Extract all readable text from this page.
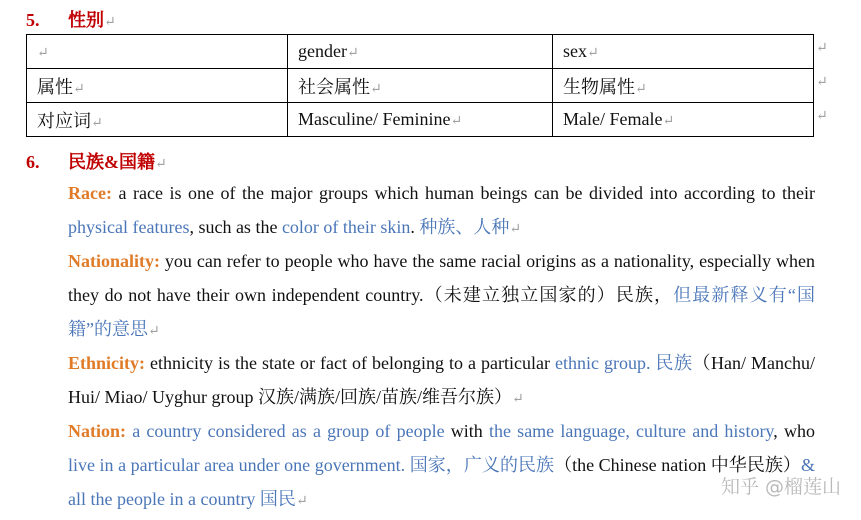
5. 性别↵
↵	gender↵	sex↵
属性↵	社会属性↵	生物属性↵
对应词↵	Masculine/ Feminine↵	Male/ Female↵
↵
↵
↵
6. 民族&国籍↵
Race: a race is one of the major groups which human beings can be divided into according to their physical features, such as the color of their skin. 种族、人种↵
Nationality: you can refer to people who have the same racial origins as a nationality, especially when they do not have their own independent country.（未建立独立国家的）民族，但最新释义有“国籍”的意思↵
Ethnicity: ethnicity is the state or fact of belonging to a particular ethnic group. 民族（Han/ Manchu/ Hui/ Miao/ Uyghur group 汉族/满族/回族/苗族/维吾尔族）↵
Nation: a country considered as a group of people with the same language, culture and history, who live in a particular area under one government. 国家，广义的民族（the Chinese nation 中华民族）& all the people in a country 国民↵
知乎 @榴莲山
